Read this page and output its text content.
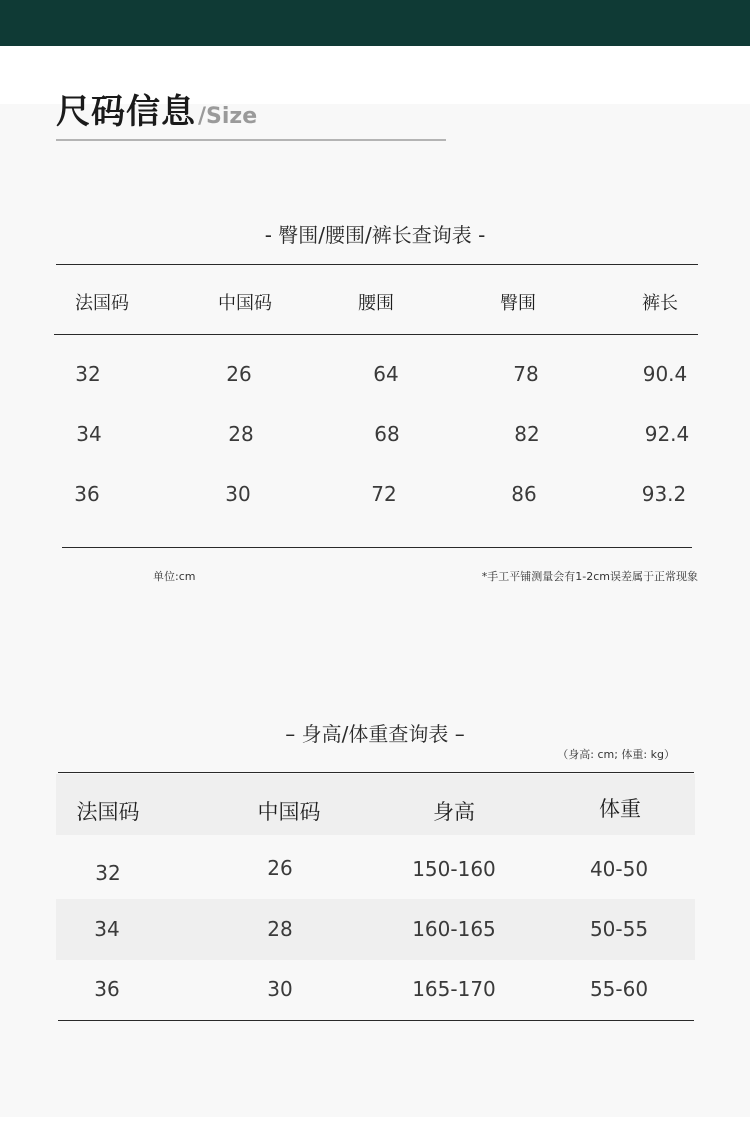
尺码信息/Size
- 臀围/腰围/裤长查询表 -
法国码	中国码	腰围	臀围	裤长
32	26	64	78	90.4
34	28	68	82	92.4
36	30	72	86	93.2
单位:cm	*手工平铺测量会有1-2cm误差属于正常现象
– 身高/体重查询表 –
（身高: cm; 体重: kg）
法国码	中国码	身高	体重
32	26	150-160	40-50
34	28	160-165	50-55
36	30	165-170	55-60
